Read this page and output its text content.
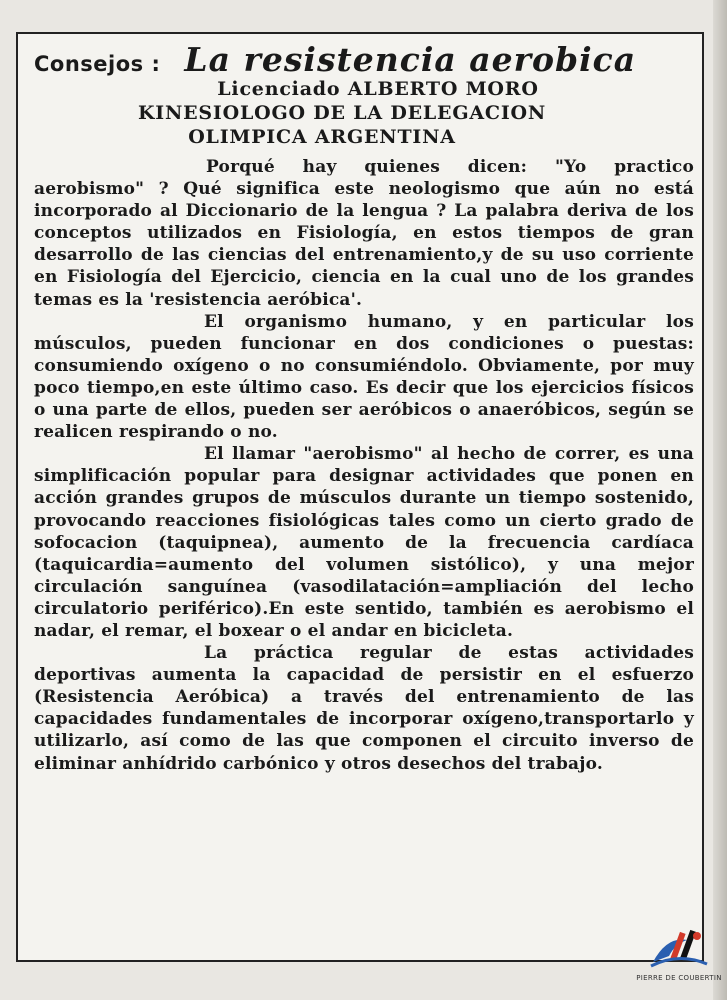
Consejos : La resistencia aerobica
Licenciado ALBERTO MORO
KINESIOLOGO DE LA DELEGACION
OLIMPICA ARGENTINA

Porqué hay quienes dicen: "Yo practico aerobismo" ? Qué significa este neologismo que aún no está incorporado al Diccionario de la lengua ? La palabra deriva de los conceptos utilizados en Fisiología, en estos tiempos de gran desarrollo de las ciencias del entrenamiento,y de su uso corriente en Fisiología del Ejercicio, ciencia en la cual uno de los grandes temas es la 'resistencia aeróbica'.

El organismo humano, y en particular los músculos, pueden funcionar en dos condiciones o puestas: consumiendo oxígeno o no consumiéndolo. Obviamente, por muy poco tiempo,en este último caso. Es decir que los ejercicios físicos o una parte de ellos, pueden ser aeróbicos o anaeróbicos, según se realicen respirando o no.

El llamar "aerobismo" al hecho de correr, es una simplificación popular para designar actividades que ponen en acción grandes grupos de músculos durante un tiempo sostenido, provocando reacciones fisiológicas tales como un cierto grado de sofocacion (taquipnea), aumento de la frecuencia cardíaca (taquicardia=aumento del volumen sistólico), y una mejor circulación sanguínea (vasodilatación=ampliación del lecho circulatorio periférico).En este sentido, también es aerobismo el nadar, el remar, el boxear o el andar en bicicleta.

La práctica regular de estas actividades deportivas aumenta la capacidad de persistir en el esfuerzo (Resistencia Aeróbica) a través del entrenamiento de las capacidades fundamentales de incorporar oxígeno,transportarlo y utilizarlo, así como de las que componen el circuito inverso de eliminar anhídrido carbónico y otros desechos del trabajo.

PIERRE DE COUBERTIN
